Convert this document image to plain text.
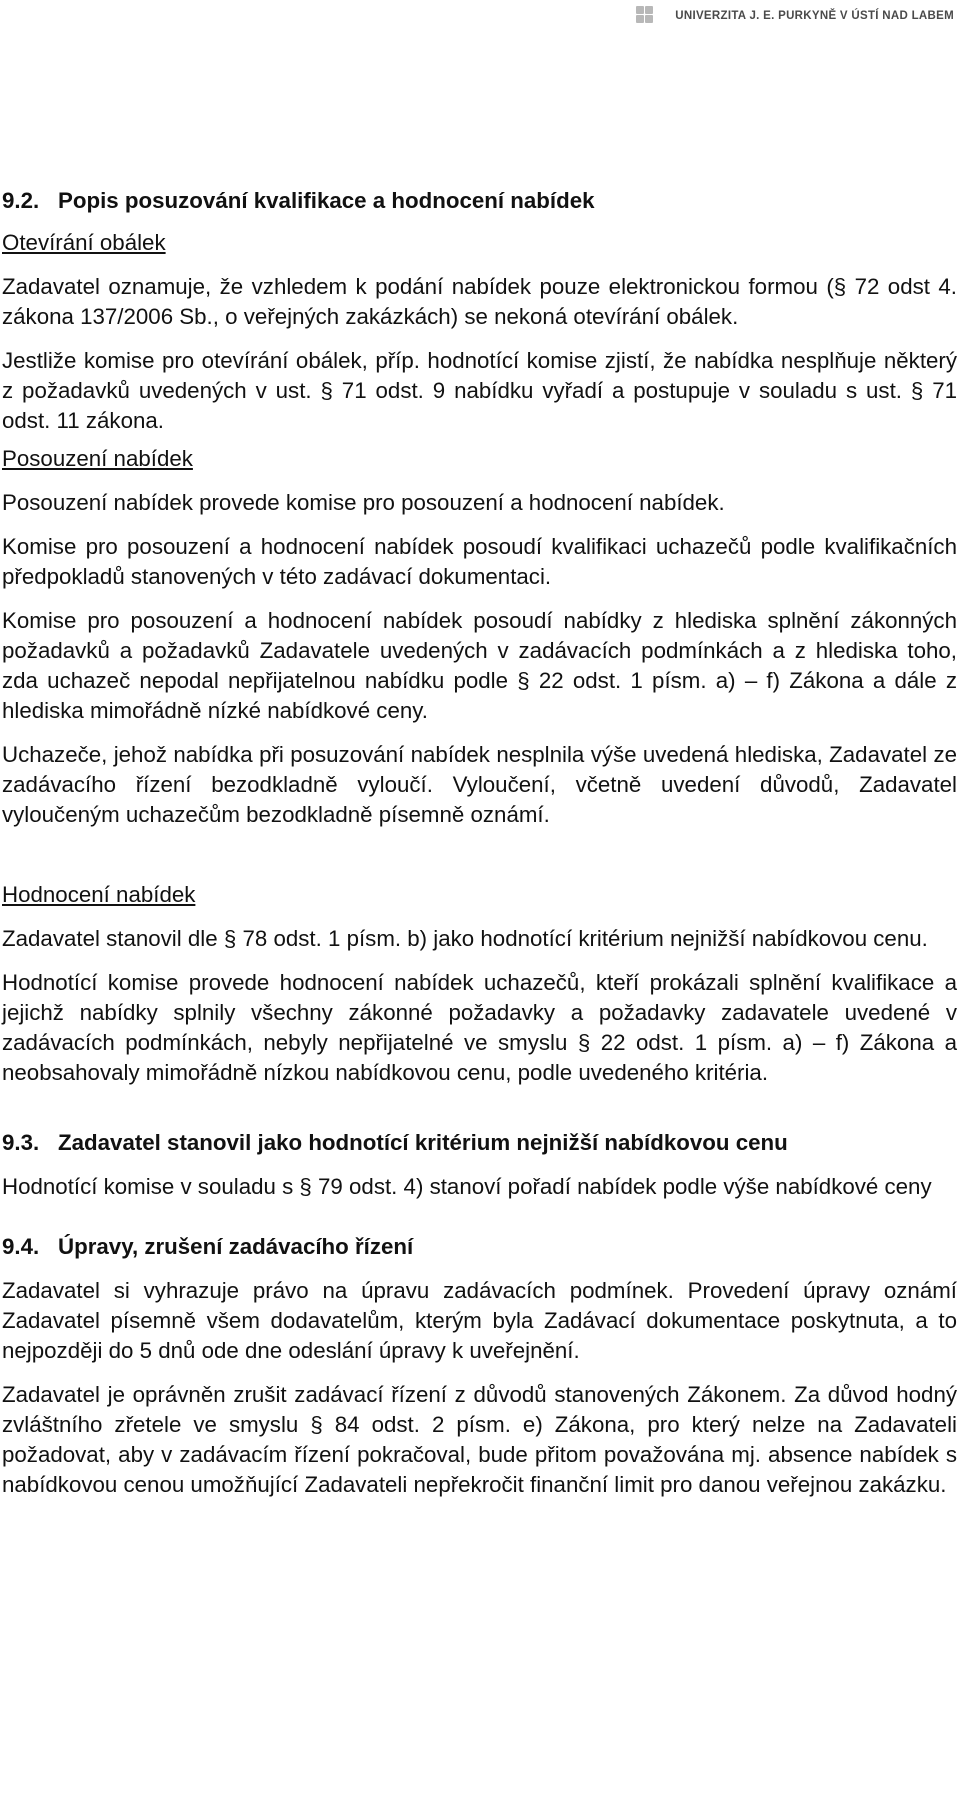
UNIVERZITA J. E. PURKYNĚ V ÚSTÍ NAD LABEM
9.2. Popis posuzování kvalifikace a hodnocení nabídek
Otevírání obálek

Zadavatel oznamuje, že vzhledem k podání nabídek pouze elektronickou formou (§ 72 odst 4. zákona 137/2006 Sb., o veřejných zakázkách) se nekoná otevírání obálek.

Jestliže komise pro otevírání obálek, příp. hodnotící komise zjistí, že nabídka nesplňuje některý z požadavků uvedených v ust. § 71 odst. 9 nabídku vyřadí a postupuje v souladu s ust. § 71 odst. 11 zákona.

Posouzení nabídek

Posouzení nabídek provede komise pro posouzení a hodnocení nabídek.

Komise pro posouzení a hodnocení nabídek posoudí kvalifikaci uchazečů podle kvalifikačních předpokladů stanovených v této zadávací dokumentaci.

Komise pro posouzení a hodnocení nabídek posoudí nabídky z hlediska splnění zákonných požadavků a požadavků Zadavatele uvedených v zadávacích podmínkách a z hlediska toho, zda uchazeč nepodal nepřijatelnou nabídku podle § 22 odst. 1 písm. a) – f) Zákona a dále z hlediska mimořádně nízké nabídkové ceny.

Uchazeče, jehož nabídka při posuzování nabídek nesplnila výše uvedená hlediska, Zadavatel ze zadávacího řízení bezodkladně vyloučí. Vyloučení, včetně uvedení důvodů, Zadavatel vyloučeným uchazečům bezodkladně písemně oznámí.

Hodnocení nabídek

Zadavatel stanovil dle § 78 odst. 1 písm. b) jako hodnotící kritérium nejnižší nabídkovou cenu.

Hodnotící komise provede hodnocení nabídek uchazečů, kteří prokázali splnění kvalifikace a jejichž nabídky splnily všechny zákonné požadavky a požadavky zadavatele uvedené v zadávacích podmínkách, nebyly nepřijatelné ve smyslu § 22 odst. 1 písm. a) – f) Zákona a neobsahovaly mimořádně nízkou nabídkovou cenu, podle uvedeného kritéria.

9.3. Zadavatel stanovil jako hodnotící kritérium nejnižší nabídkovou cenu

Hodnotící komise v souladu s § 79 odst. 4) stanoví pořadí nabídek podle výše nabídkové ceny

9.4. Úpravy, zrušení zadávacího řízení

Zadavatel si vyhrazuje právo na úpravu zadávacích podmínek. Provedení úpravy oznámí Zadavatel písemně všem dodavatelům, kterým byla Zadávací dokumentace poskytnuta, a to nejpozději do 5 dnů ode dne odeslání úpravy k uveřejnění.

Zadavatel je oprávněn zrušit zadávací řízení z důvodů stanovených Zákonem. Za důvod hodný zvláštního zřetele ve smyslu § 84 odst. 2 písm. e) Zákona, pro který nelze na Zadavateli požadovat, aby v zadávacím řízení pokračoval, bude přitom považována mj. absence nabídek s nabídkovou cenou umožňující Zadavateli nepřekročit finanční limit pro danou veřejnou zakázku.
